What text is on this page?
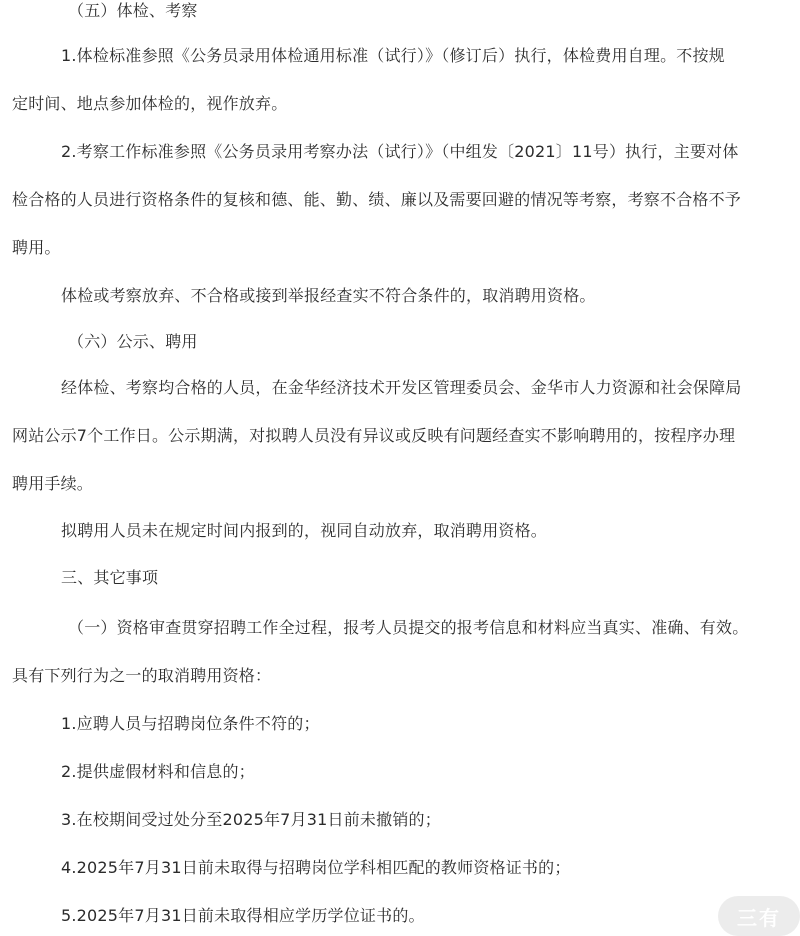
（五）体检、考察
1.体检标准参照《公务员录用体检通用标准（试行）》（修订后）执行，体检费用自理。不按规
定时间、地点参加体检的，视作放弃。
2.考察工作标准参照《公务员录用考察办法（试行）》（中组发〔2021〕11号）执行，主要对体
检合格的人员进行资格条件的复核和德、能、勤、绩、廉以及需要回避的情况等考察，考察不合格不予
聘用。
体检或考察放弃、不合格或接到举报经查实不符合条件的，取消聘用资格。
（六）公示、聘用
经体检、考察均合格的人员，在金华经济技术开发区管理委员会、金华市人力资源和社会保障局
网站公示7个工作日。公示期满，对拟聘人员没有异议或反映有问题经查实不影响聘用的，按程序办理
聘用手续。
拟聘用人员未在规定时间内报到的，视同自动放弃，取消聘用资格。
三、其它事项
（一）资格审查贯穿招聘工作全过程，报考人员提交的报考信息和材料应当真实、准确、有效。
具有下列行为之一的取消聘用资格：
1.应聘人员与招聘岗位条件不符的；
2.提供虚假材料和信息的；
3.在校期间受过处分至2025年7月31日前未撤销的；
4.2025年7月31日前未取得与招聘岗位学科相匹配的教师资格证书的；
5.2025年7月31日前未取得相应学历学位证书的。	三有
